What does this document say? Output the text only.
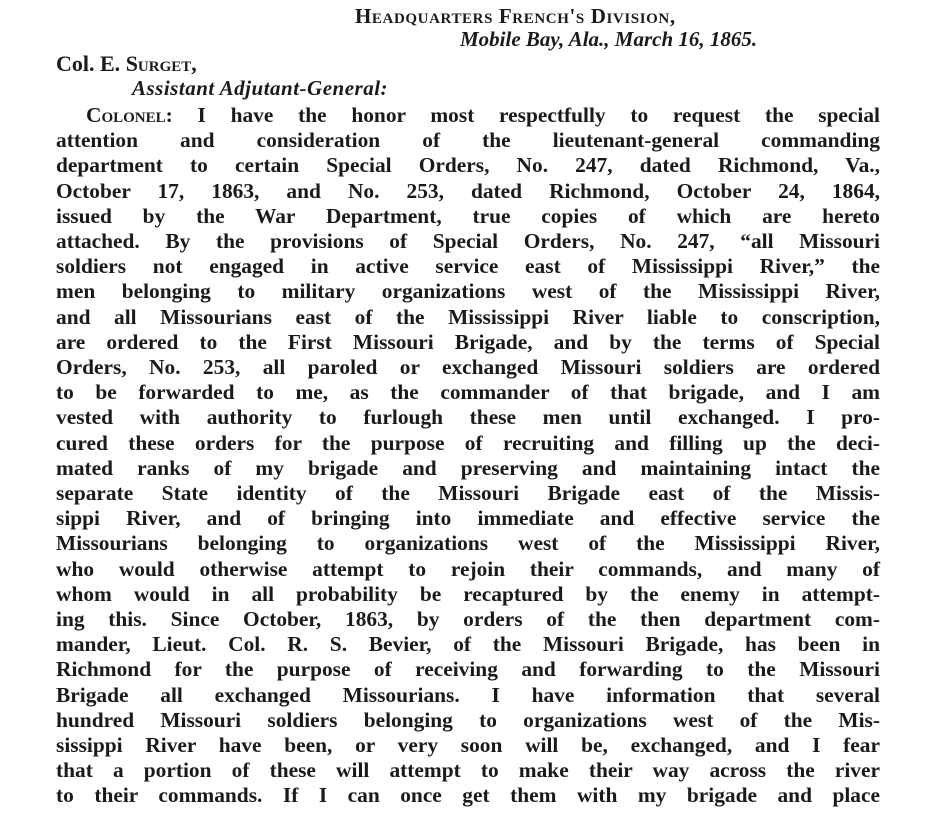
Headquarters French's Division,
Mobile Bay, Ala., March 16, 1865.
Col. E. Surget,
Assistant Adjutant-General:
Colonel: I have the honor most respectfully to request the special
attention and consideration of the lieutenant-general commanding
department to certain Special Orders, No. 247, dated Richmond, Va.,
October 17, 1863, and No. 253, dated Richmond, October 24, 1864,
issued by the War Department, true copies of which are hereto
attached. By the provisions of Special Orders, No. 247, “all Missouri
soldiers not engaged in active service east of Mississippi River,” the
men belonging to military organizations west of the Mississippi River,
and all Missourians east of the Mississippi River liable to conscription,
are ordered to the First Missouri Brigade, and by the terms of Special
Orders, No. 253, all paroled or exchanged Missouri soldiers are ordered
to be forwarded to me, as the commander of that brigade, and I am
vested with authority to furlough these men until exchanged. I pro-
cured these orders for the purpose of recruiting and filling up the deci-
mated ranks of my brigade and preserving and maintaining intact the
separate State identity of the Missouri Brigade east of the Missis-
sippi River, and of bringing into immediate and effective service the
Missourians belonging to organizations west of the Mississippi River,
who would otherwise attempt to rejoin their commands, and many of
whom would in all probability be recaptured by the enemy in attempt-
ing this. Since October, 1863, by orders of the then department com-
mander, Lieut. Col. R. S. Bevier, of the Missouri Brigade, has been in
Richmond for the purpose of receiving and forwarding to the Missouri
Brigade all exchanged Missourians. I have information that several
hundred Missouri soldiers belonging to organizations west of the Mis-
sissippi River have been, or very soon will be, exchanged, and I fear
that a portion of these will attempt to make their way across the river
to their commands. If I can once get them with my brigade and place
